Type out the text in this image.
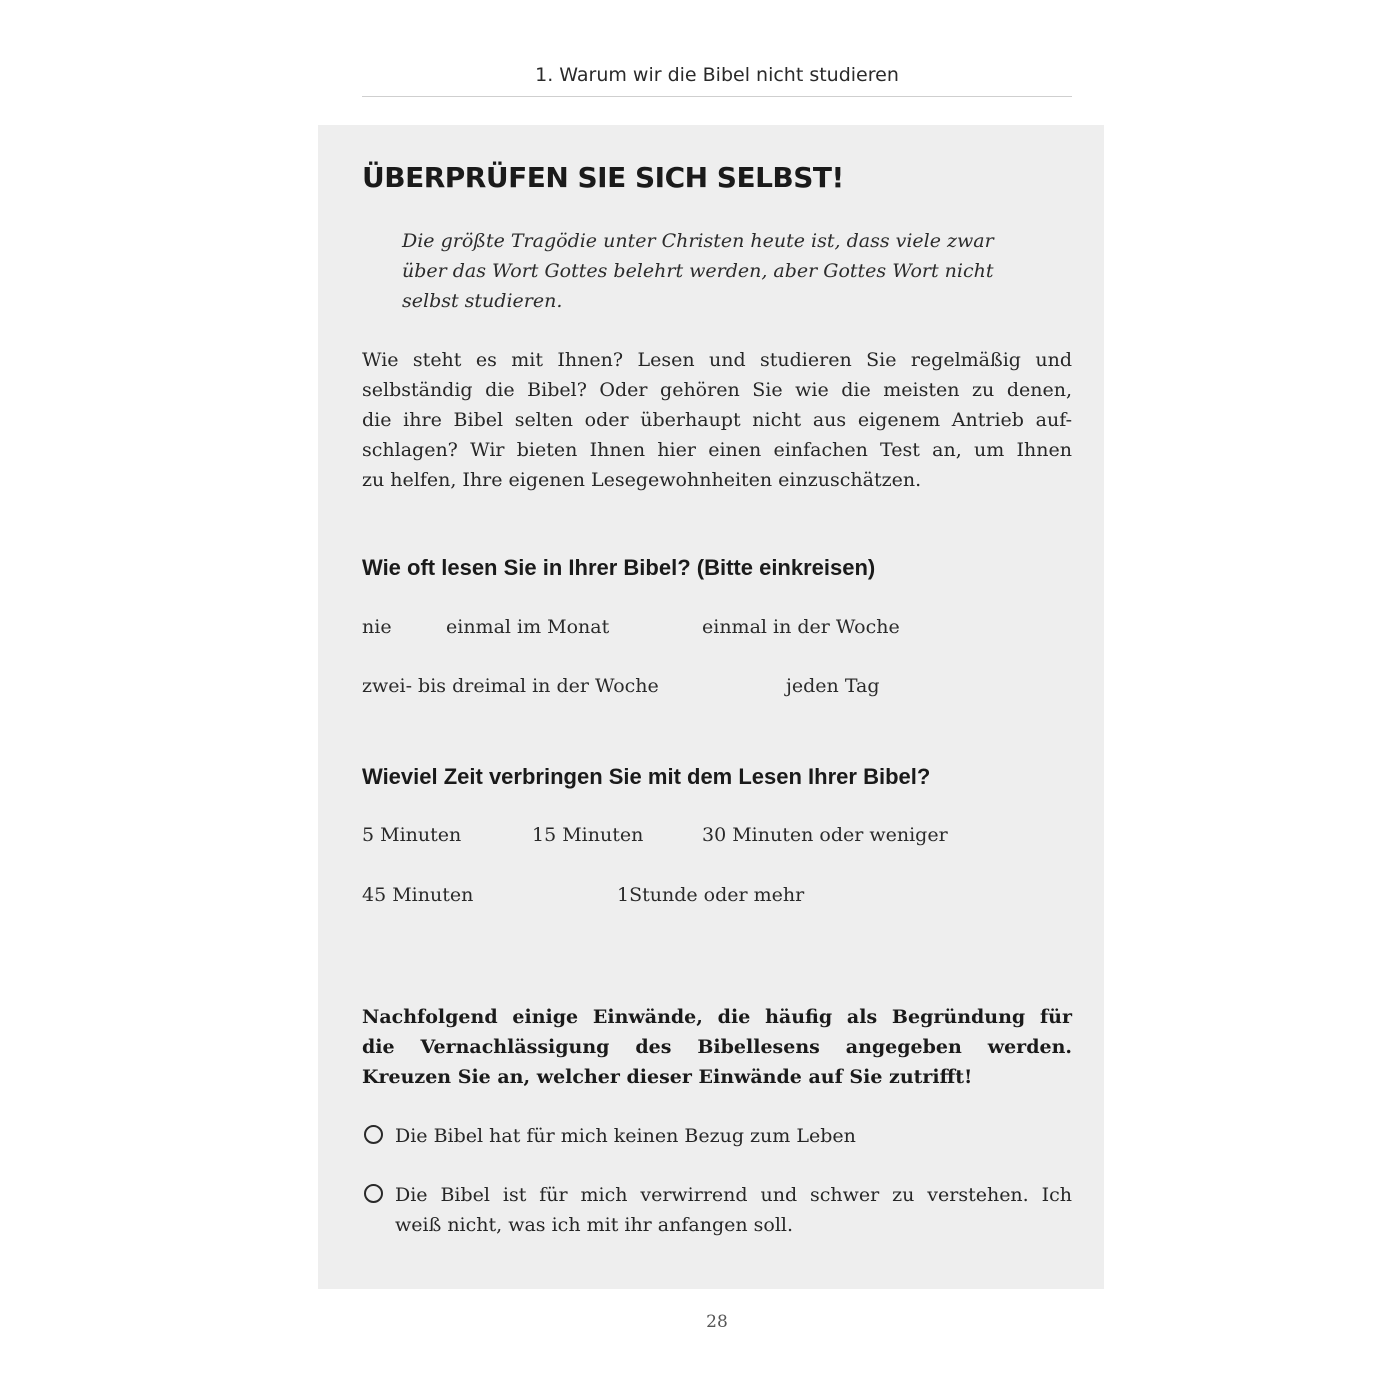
1. Warum wir die Bibel nicht studieren
ÜBERPRÜFEN SIE SICH SELBST!

Die größte Tragödie unter Christen heute ist, dass viele zwar
über das Wort Gottes belehrt werden, aber Gottes Wort nicht
selbst studieren.

Wie steht es mit Ihnen? Lesen und studieren Sie regelmäßig und
selbständig die Bibel? Oder gehören Sie wie die meisten zu denen,
die ihre Bibel selten oder überhaupt nicht aus eigenem Antrieb auf-
schlagen? Wir bieten Ihnen hier einen einfachen Test an, um Ihnen
zu helfen, Ihre eigenen Lesegewohnheiten einzuschätzen.

Wie oft lesen Sie in Ihrer Bibel? (Bitte einkreisen)
nie	einmal im Monat	einmal in der Woche
zwei- bis dreimal in der Woche	jeden Tag
Wieviel Zeit verbringen Sie mit dem Lesen Ihrer Bibel?
5 Minuten	15 Minuten	30 Minuten oder weniger
45 Minuten	1Stunde oder mehr

Nachfolgend einige Einwände, die häufig als Begründung für
die Vernachlässigung des Bibellesens angegeben werden.
Kreuzen Sie an, welcher dieser Einwände auf Sie zutrifft!

Die Bibel hat für mich keinen Bezug zum Leben
Die Bibel ist für mich verwirrend und schwer zu verstehen. Ich
weiß nicht, was ich mit ihr anfangen soll.
28
